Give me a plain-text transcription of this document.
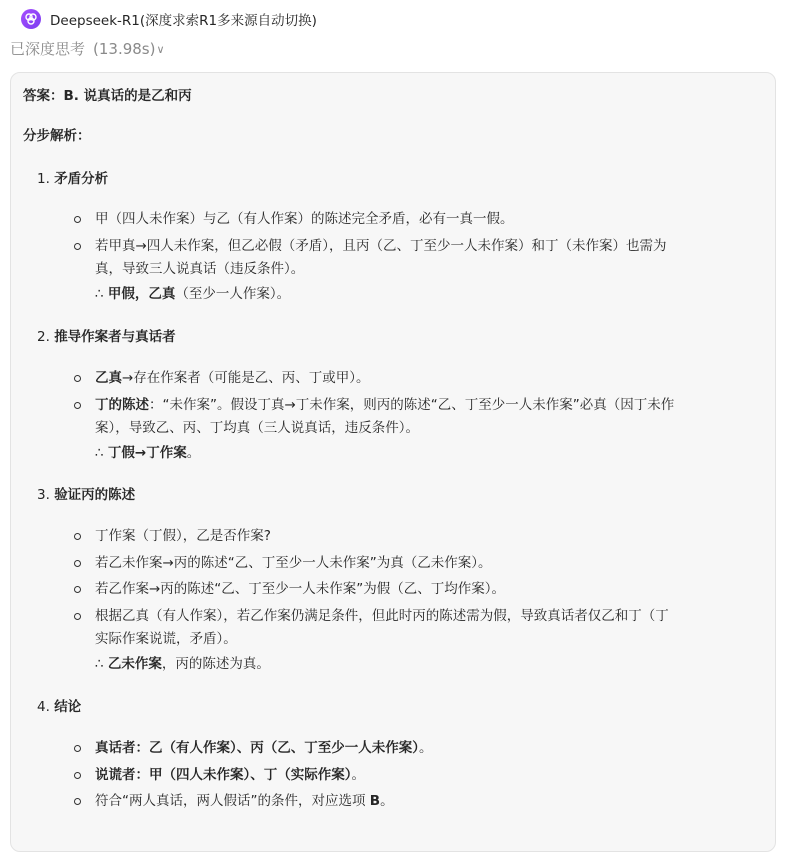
Deepseek-R1(深度求索R1多来源自动切换)
已深度思考 (13.98s) ∨
答案：B. 说真话的是乙和丙
分步解析：
1. 矛盾分析
甲（四人未作案）与乙（有人作案）的陈述完全矛盾，必有一真一假。
若甲真→四人未作案，但乙必假（矛盾），且丙（乙、丁至少一人未作案）和丁（未作案）也需为
真，导致三人说真话（违反条件）。
∴ 甲假，乙真（至少一人作案）。
2. 推导作案者与真话者
乙真→存在作案者（可能是乙、丙、丁或甲）。
丁的陈述：“未作案”。假设丁真→丁未作案，则丙的陈述“乙、丁至少一人未作案”必真（因丁未作
案），导致乙、丙、丁均真（三人说真话，违反条件）。
∴ 丁假→丁作案。
3. 验证丙的陈述
丁作案（丁假），乙是否作案?
若乙未作案→丙的陈述“乙、丁至少一人未作案”为真（乙未作案）。
若乙作案→丙的陈述“乙、丁至少一人未作案”为假（乙、丁均作案）。
根据乙真（有人作案），若乙作案仍满足条件，但此时丙的陈述需为假，导致真话者仅乙和丁（丁
实际作案说谎，矛盾）。
∴ 乙未作案，丙的陈述为真。
4. 结论
真话者：乙（有人作案）、丙（乙、丁至少一人未作案）。
说谎者：甲（四人未作案）、丁（实际作案）。
符合“两人真话，两人假话”的条件，对应选项 B。
